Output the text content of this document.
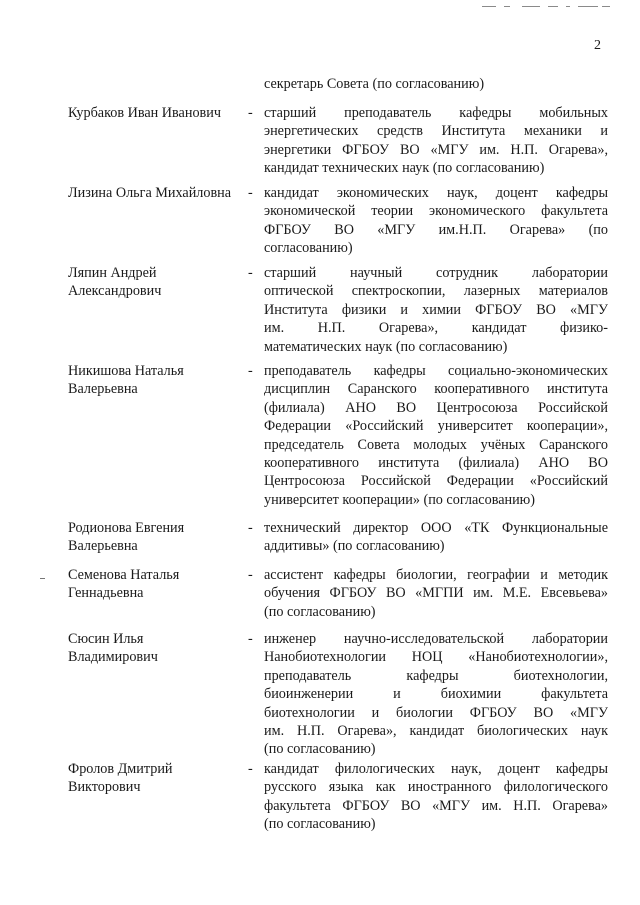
2
секретарь Совета (по согласованию)
Курбаков Иван Иванович	- старший преподаватель кафедры мобильных
энергетических средств Института механики и
энергетики ФГБОУ ВО «МГУ им. Н.П. Огарева»,
кандидат технических наук (по согласованию)
Лизина Ольга Михайловна	- кандидат экономических наук, доцент кафедры
экономической теории экономического факультета
ФГБОУ ВО «МГУ им.Н.П. Огарева» (по
согласованию)
Ляпин Андрей
Александрович
- старший научный сотрудник лаборатории
оптической спектроскопии, лазерных материалов
Института физики и химии ФГБОУ ВО «МГУ
им. Н.П. Огарева», кандидат физико-
математических наук (по согласованию)
Никишова Наталья
Валерьевна
- преподаватель кафедры социально-экономических
дисциплин Саранского кооперативного института
(филиала) АНО ВО Центросоюза Российской
Федерации «Российский университет кооперации»,
председатель Совета молодых учёных Саранского
кооперативного института (филиала) АНО ВО
Центросоюза Российской Федерации «Российский
университет кооперации» (по согласованию)
Родионова Евгения
Валерьевна
- технический директор ООО «ТК Функциональные
аддитивы» (по согласованию)
Семенова Наталья
Геннадьевна
- ассистент кафедры биологии, географии и методик
обучения ФГБОУ ВО «МГПИ им. М.Е. Евсевьева»
(по согласованию)
Сюсин Илья
Владимирович
- инженер научно-исследовательской лаборатории
Нанобиотехнологии НОЦ «Нанобиотехнологии»,
преподаватель кафедры биотехнологии,
биоинженерии и биохимии факультета
биотехнологии и биологии ФГБОУ ВО «МГУ
им. Н.П. Огарева», кандидат биологических наук
(по согласованию)
Фролов Дмитрий
Викторович
- кандидат филологических наук, доцент кафедры
русского языка как иностранного филологического
факультета ФГБОУ ВО «МГУ им. Н.П. Огарева»
(по согласованию)
